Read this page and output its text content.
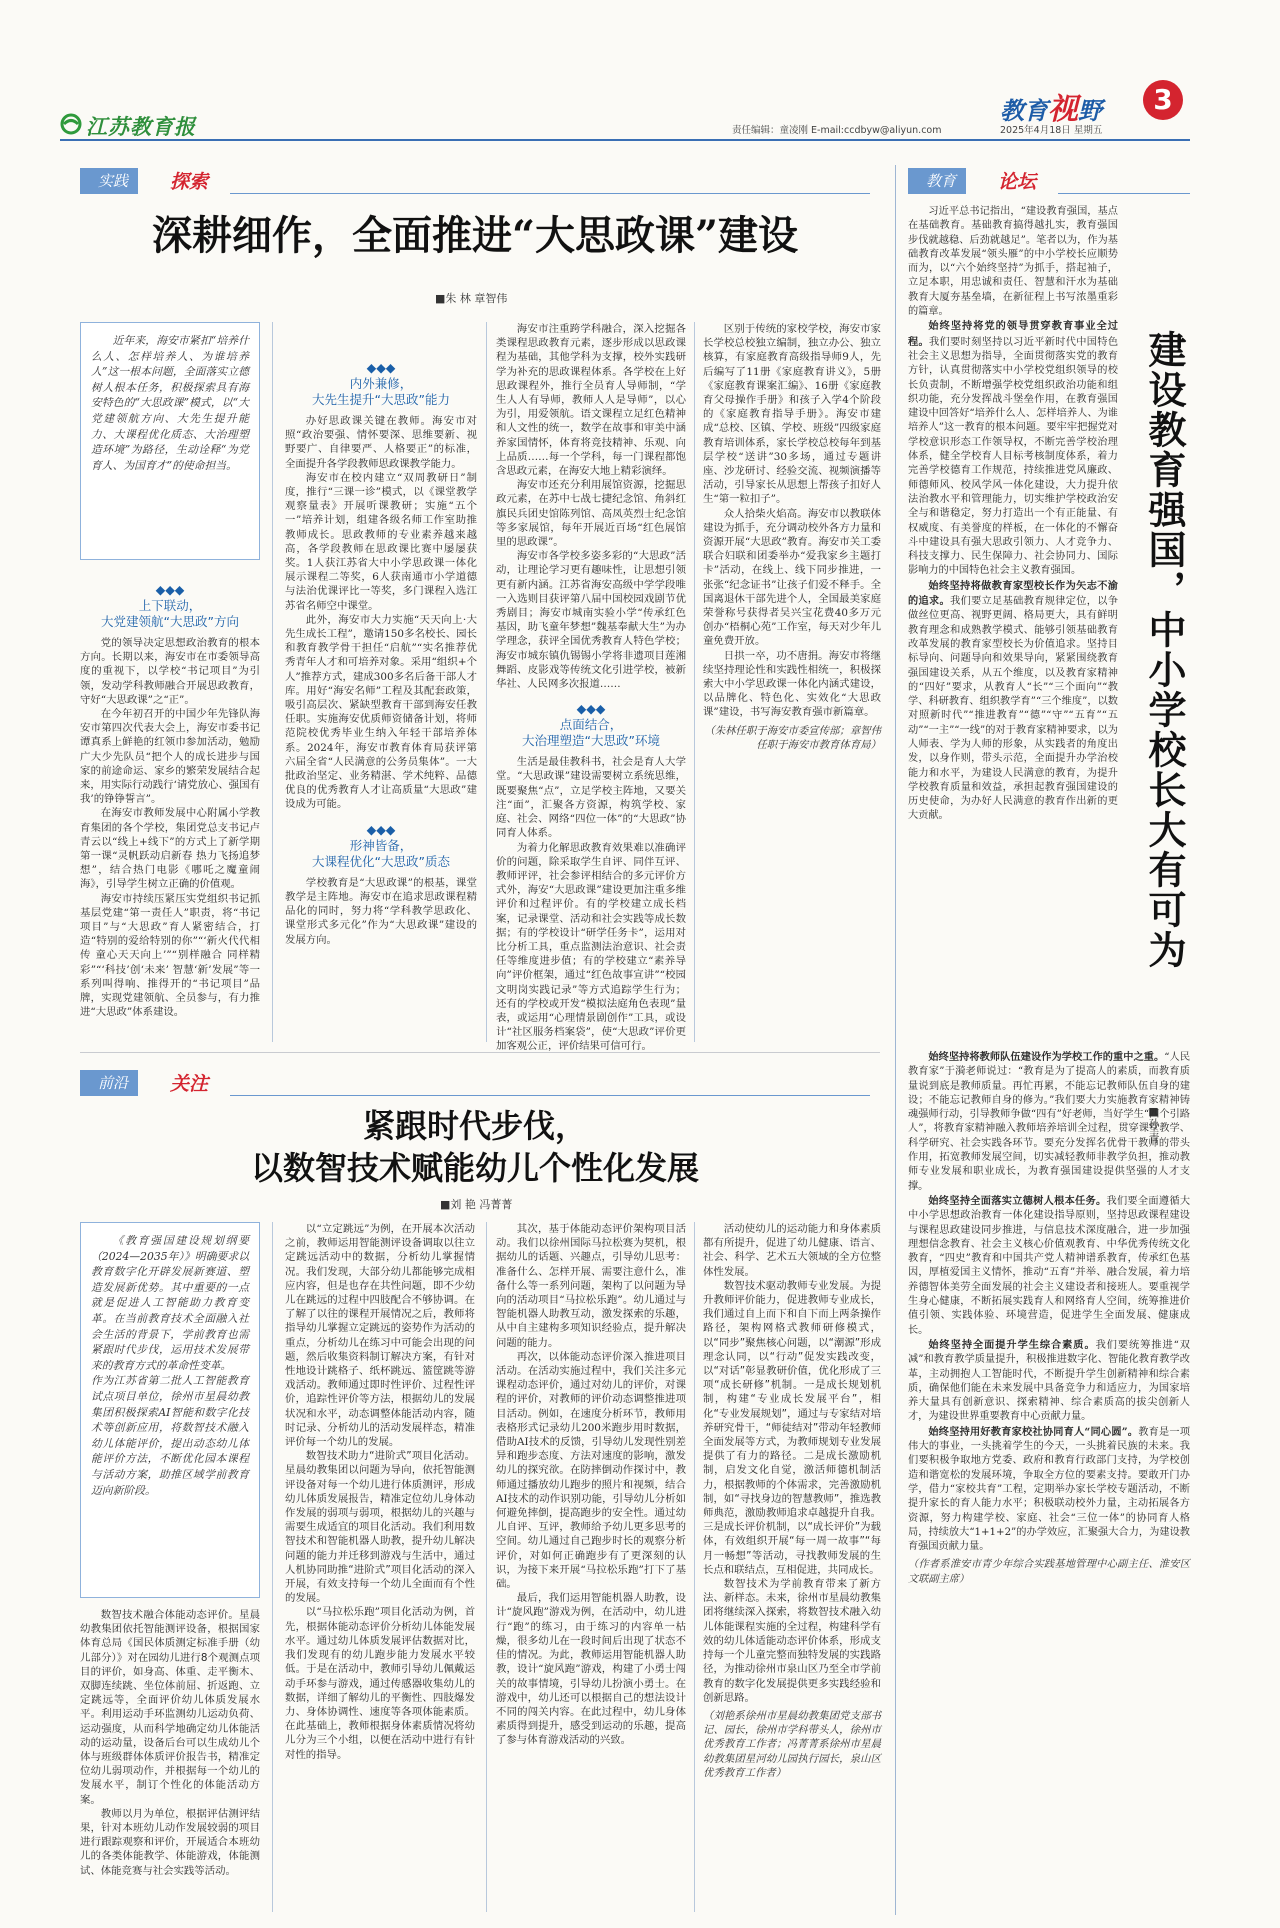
江苏教育报	责任编辑：童凌刚 E-mail:ccdbyw@aliyun.com	2025年4月18日 星期五
教育视野	3
实践	探索
深耕细作，全面推进“大思政课”建设
■朱 林 章智伟

近年来，海安市紧扣“培养什么人、怎样培养人、为谁培养人”这一根本问题，全面落实立德树人根本任务，积极探索具有海安特色的“大思政课”模式，以“大党建领航方向、大先生提升能力、大课程优化质态、大治理塑造环境”为路径，生动诠释“为党育人、为国育才”的使命担当。

◆◆◆
上下联动，
大党建领航“大思政”方向

党的领导决定思想政治教育的根本方向。长期以来，海安市在市委领导高度的重视下，以学校“书记项目”为引领，发动学科教师融合开展思政教育，守好“大思政课”之“正”。

在今年初召开的中国少年先锋队海安市第四次代表大会上，海安市委书记谭真系上鲜艳的红领巾参加活动，勉励广大少先队员“把个人的成长进步与国家的前途命运、家乡的繁荣发展结合起来，用实际行动践行‘请党放心、强国有我’的铮铮誓言”。

在海安市教师发展中心附属小学教育集团的各个学校，集团党总支书记卢青云以“线上+线下”的方式上了新学期第一课“灵帆跃动启新春 热力飞扬追梦想”，结合热门电影《哪吒之魔童闹海》，引导学生树立正确的价值观。

海安市持续压紧压实党组织书记抓基层党建“第一责任人”职责，将“书记项目”与“大思政”育人紧密结合，打造“特别的爱给特别的你”“‘新火代代相传 童心天天向上’”“别样融合 同样精彩”“‘科技’创‘未来’ 智慧‘新’发展”等一系列叫得响、推得开的“书记项目”品牌，实现党建领航、全员参与，有力推进“大思政”体系建设。

◆◆◆
内外兼修，
大先生提升“大思政”能力

办好思政课关键在教师。海安市对照“政治要强、情怀要深、思维要新、视野要广、自律要严、人格要正”的标准，全面提升各学段教师思政课教学能力。

海安市在校内建立“双周教研日”制度，推行“三课一诊”模式，以《课堂教学观察量表》开展听课教研；实施“五个一”培养计划，组建各级名师工作室助推教师成长。思政教师的专业素养越来越高，各学段教师在思政课比赛中屡屡获奖。1人获江苏省大中小学思政课一体化展示课程二等奖，6人获南通市小学道德与法治优课评比一等奖，多门课程入选江苏省名师空中课堂。

此外，海安市大力实施“天天向上·大先生成长工程”，邀请150多名校长、园长和教育教学骨干担任“启航”“实名推荐优秀青年人才和可培养对象。采用“组织+个人”推荐方式，建成300多名后备干部人才库。用好“海安名师”工程及其配套政策，吸引高层次、紧缺型教育干部到海安任教任职。实施海安优质师资储备计划，将师范院校优秀毕业生纳入年轻干部培养体系。2024年，海安市教育体育局获评第六届全省“人民满意的公务员集体”。一大批政治坚定、业务精湛、学术纯粹、品德优良的优秀教育人才让高质量“大思政”建设成为可能。

◆◆◆
形神皆备，
大课程优化“大思政”质态

学校教育是“大思政课”的根基，课堂教学是主阵地。海安市在追求思政课程精品化的同时，努力将“学科教学思政化、课堂形式多元化”作为“大思政课”建设的发展方向。

海安市注重跨学科融合，深入挖掘各类课程思政教育元素，逐步形成以思政课程为基础，其他学科为支撑，校外实践研学为补充的思政课程体系。各学校在上好思政课程外，推行全员育人导师制，“学生人人有导师，教师人人是导师”，以心为引，用爱领航。语文课程立足红色精神和人文性的统一，数学在故事和审美中涵养家国情怀，体育将竞技精神、乐观、向上品质……每一个学科，每一门课程都饱含思政元素，在海安大地上精彩演绎。

海安市还充分利用展馆资源，挖掘思政元素，在苏中七战七捷纪念馆、角斜红旗民兵团史馆陈列馆、高凤英烈士纪念馆等多家展馆，每年开展近百场“红色展馆里的思政课”。

海安市各学校多姿多彩的“大思政”活动，让理论学习更有趣味性，让思想引领更有新内涵。江苏省海安高级中学学段唯一入选则目获评第八届中国校园戏剧节优秀剧目；海安市城南实验小学“传承红色基因，助飞童年梦想”魏基奉献大生”为办学理念，获评全国优秀教育人特色学校；海安市城东镇仇锡锡小学将非遗项目莲湘舞蹈、皮影戏等传统文化引进学校，被新华社、人民网多次报道……

◆◆◆
点面结合，
大治理塑造“大思政”环境

生活是最佳教科书，社会是育人大学堂。“大思政课”建设需要树立系统思维，既要聚焦“点”，立足学校主阵地，又要关注“面”，汇聚各方资源，构筑学校、家庭、社会、网络“四位一体”的“大思政”协同育人体系。

为着力化解思政教育效果难以准确评价的问题，除采取学生自评、同伴互评、教师评评，社会参评相结合的多元评价方式外，海安“大思政课”建设更加注重多维评价和过程评价。有的学校建立成长档案，记录课堂、活动和社会实践等成长数据；有的学校设计“研学任务卡”，运用对比分析工具，重点监测法治意识、社会责任等维度进步值；有的学校建立“素养导向”评价框架，通过“红色故事宣讲”“校园文明岗实践记录”等方式追踪学生行为；还有的学校或开发“模拟法庭角色表现”量表，或运用“心理情景剧创作”工具，或设计“社区服务档案袋”，使“大思政”评价更加客观公正，评价结果可信可行。

区别于传统的家校学校，海安市家长学校总校独立编制，独立办公、独立核算，有家庭教育高级指导师9人，先后编写了11册《家庭教育讲义》，5册《家庭教育课案汇编》、16册《家庭教育父母操作手册》和孩子入学4个阶段的《家庭教育指导手册》。海安市建成“总校、区镇、学校、班级”四级家庭教育培训体系，家长学校总校每年到基层学校“送讲”30多场，通过专题讲座、沙龙研讨、经验交流、视频演播等活动，引导家长从思想上帮孩子扣好人生“第一粒扣子”。

众人拾柴火焰高。海安市以教联体建设为抓手，充分调动校外各方力量和资源开展“大思政”教育。海安市关工委联合妇联和团委举办“爱我家乡主题打卡”活动，在线上、线下同步推进，一张张“纪念证书”让孩子们爱不释手。全国离退休干部先进个人，全国最美家庭荣誉称号获得者吴兴宝花费40多万元创办“梧桐心苑”工作室，每天对少年儿童免费开放。

日拱一卒，功不唐捐。海安市将继续坚持理论性和实践性相统一，积极探索大中小学思政课一体化内涵式建设，以品牌化、特色化、实效化“大思政课”建设，书写海安教育强市新篇章。

（朱林任职于海安市委宣传部；章智伟任职于海安市教育体育局）

前沿	关注
紧跟时代步伐，
以数智技术赋能幼儿个性化发展
■刘 艳 冯菁菁
《教育强国建设规划纲要（2024—2035年）》明确要求以教育数字化开辟发展新赛道、塑造发展新优势。其中重要的一点就是促进人工智能助力教育变革。在当前教育技术全面融入社会生活的背景下，学前教育也需紧跟时代步伐，运用技术发展带来的教育方式的革命性变革。
作为江苏省第二批人工智能教育试点项目单位，徐州市星晨幼教集团积极探索AI智能和数字化技术等创新应用，将数智技术融入幼儿体能评价，提出动态幼儿体能评价方法，不断优化园本课程与活动方案，助推区域学前教育迈向新阶段。

数智技术融合体能动态评价。星晨幼教集团依托智能测评设备，根据国家体育总局《国民体质测定标准手册（幼儿部分）》对在园幼儿进行8个观测点项目的评价，如身高、体重、走平衡木、双脚连续跳、坐位体前屈、折返跑、立定跳远等，全面评价幼儿体质发展水平。利用运动手环监测幼儿运动负荷、运动强度，从而科学地确定幼儿体能活动的运动量，设备后台可以生成幼儿个体与班级群体体质评价报告书，精准定位幼儿弱项动作，并根据每一个幼儿的发展水平，制订个性化的体能活动方案。

教师以月为单位，根据评估测评结果，针对本班幼儿动作发展较弱的项目进行跟踪观察和评价，开展适合本班幼儿的各类体能教学、体能游戏，体能测试、体能竞赛与社会实践等活动。

以“立定跳远”为例，在开展本次活动之前，教师运用智能测评设备调取以往立定跳远活动中的数据，分析幼儿掌握情况。我们发现，大部分幼儿都能够完成相应内容，但是也存在共性问题，即不少幼儿在跳远的过程中四肢配合不够协调。在了解了以往的课程开展情况之后，教师将指导幼儿掌握立定跳远的姿势作为活动的重点，分析幼儿在练习中可能会出现的问题，然后收集资料制订解决方案，有针对性地设计跳格子、纸杯跳远、篮筐跳等游戏活动。教师通过即时性评价、过程性评价，追踪性评价等方法，根据幼儿的发展状况和水平，动态调整体能活动内容，随时记录、分析幼儿的活动发展样态，精准评价每一个幼儿的发展。

数智技术助力“进阶式”项目化活动。星晨幼教集团以问题为导向，依托智能测评设备对每一个幼儿进行体质测评，形成幼儿体质发展报告，精准定位幼儿身体动作发展的弱项与弱项，根据幼儿的兴趣与需要生成适宜的项目化活动。我们利用数智技术和智能机器人助教，提升幼儿解决问题的能力并迁移到游戏与生活中，通过人机协同助推“进阶式”项目化活动的深入开展，有效支持每一个幼儿全面而有个性的发展。

以“马拉松乐跑”项目化活动为例，首先，根据体能动态评价分析幼儿体能发展水平。通过幼儿体质发展评估数据对比，我们发现有的幼儿跑步能力发展水平较低。于是在活动中，教师引导幼儿佩戴运动手环参与游戏，通过传感器收集幼儿的数据，详细了解幼儿的平衡性、四肢爆发力、身体协调性、速度等各项体能素质。在此基础上，教师根据身体素质情况将幼儿分为三个小组，以便在活动中进行有针对性的指导。

其次，基于体能动态评价架构项目活动。我们以徐州国际马拉松赛为契机，根据幼儿的话题、兴趣点，引导幼儿思考：准备什么、怎样开展、需要注意什么，准备什么等一系列问题，架构了以问题为导向的活动项目“马拉松乐跑”。幼儿通过与智能机器人助教互动，激发探索的乐趣，从中自主建构多项知识经验点，提升解决问题的能力。

再次，以体能动态评价深入推进项目活动。在活动实施过程中，我们关注多元课程动态评价，通过对幼儿的评价，对课程的评价，对教师的评价动态调整推进项目活动。例如，在速度分析环节，教师用表格形式记录幼儿200米跑步用时数据，借助AI技术的反馈，引导幼儿发现性别差异和跑步态度、方法对速度的影响，激发幼儿的探究欲。在防摔倒动作探讨中，教师通过播放幼儿跑步的照片和视频，结合AI技术的动作识别功能，引导幼儿分析如何避免摔倒，提高跑步的安全性。通过幼儿自评、互评，教师给予幼儿更多思考的空间。幼儿通过自己跑步时长的观察分析评价，对如何正确跑步有了更深刻的认识，为接下来开展“马拉松乐跑”打下了基础。

最后，我们运用智能机器人助教，设计“旋风跑”游戏为例，在活动中，幼儿进行“跑”的练习，由于练习的内容单一枯燥，很多幼儿在一段时间后出现了状态不佳的情况。为此，教师运用智能机器人助教，设计“旋风跑”游戏，构建了小勇士闯关的故事情境，引导幼儿扮演小勇士。在游戏中，幼儿还可以根据自己的想法设计不同的闯关内容。在此过程中，幼儿身体素质得到提升，感受到运动的乐趣，提高了参与体育游戏活动的兴致。

活动使幼儿的运动能力和身体素质都有所提升，促进了幼儿健康、语言、社会、科学、艺术五大领域的全方位整体性发展。

数智技术驱动教师专业发展。为提升教师评价能力，促进教师专业成长，我们通过自上而下和自下而上两条操作路径，架构网格式教师研修模式，以“同步”聚焦核心问题，以“潮源”形成理念认同，以“行动”促发实践改变，以“对话”彰显教研价值，优化形成了三项“成长研修”机制。一是成长规划机制，构建“专业成长发展平台”，相化“专业发展规划”，通过与专家结对培养研究骨干，“师徒结对”带动年轻教师全面发展等方式，为教师规划专业发展提供了有力的路径。二是成长激励机制，启发文化自觉，激活师德机制活力，根据教师的个体需求，完善激励机制，如“寻找身边的智慧教师”，推选教师典范，激励教师追求卓越提升自我。三是成长评价机制，以“成长评价”为载体，有效组织开展“每一周一故事”“每月一畅想”等活动，寻找教师发展的生长点和联结点，互相促进，共同成长。

数智技术为学前教育带来了新方法、新样态。未来，徐州市星晨幼教集团将继续深入探索，将数智技术融入幼儿体能课程实施的全过程，构建科学有效的幼儿体适能动态评价体系，形成支持每一个儿童完整而独特发展的实践路径，为推动徐州市泉山区乃至全市学前教育的数字化发展提供更多实践经验和创新思路。

（刘艳系徐州市星晨幼教集团党支部书记、园长，徐州市学科带头人，徐州市优秀教育工作者；冯菁菁系徐州市星晨幼教集团星河幼儿园执行园长，泉山区优秀教育工作者）

教育	论坛
建设教育强国，中小学校长大有可为
■孙 青

习近平总书记指出，“建设教育强国，基点在基础教育。基础教育搞得越扎实，教育强国步伐就越稳、后劲就越足”。笔者以为，作为基础教育改革发展“领头雁”的中小学校长应顺势而为，以“六个始终坚持”为抓手，搭起袖子，立足本职，用忠诚和责任、智慧和汗水为基础教育大厦夯基垒墙，在新征程上书写浓墨重彩的篇章。

始终坚持将党的领导贯穿教育事业全过程。我们要时刻坚持以习近平新时代中国特色社会主义思想为指导，全面贯彻落实党的教育方针，认真贯彻落实中小学校党组织领导的校长负责制，不断增强学校党组织政治功能和组织功能，充分发挥战斗堡垒作用，在教育强国建设中回答好“培养什么人、怎样培养人、为谁培养人”这一教育的根本问题。要牢牢把握党对学校意识形态工作领导权，不断完善学校治理体系，健全学校育人目标考核制度体系，着力完善学校德育工作规范，持续推进党风廉政、师德师风、校风学风一体化建设，大力提升依法治教水平和管理能力，切实维护学校政治安全与和谐稳定，努力打造出一个有正能量、有权威度、有美誉度的样板，在一体化的不懈奋斗中建设具有强大思政引领力、人才竞争力、科技支撑力、民生保障力、社会协同力、国际影响力的中国特色社会主义教育强国。

始终坚持将做教育家型校长作为矢志不渝的追求。我们要立足基础教育规律定位，以争做丝位更高、视野更阔、格局更大，具有鲜明教育理念和成熟教学模式、能够引领基础教育改革发展的教育家型校长为价值追求。坚持目标导向、问题导向和效果导向，紧紧围绕教育强国建设关系，从五个维度，以及教育家精神的“四好”要求，从教育人“长”“三个面向”“教学、科研教育、组织教学育”“三个维度”，以数对照新时代”“推进教育”“德”“守”“五育”“五动”“一主”“一线”的对于教育家精神要求，以为人师表、学为人师的形象，从实践者的角度出发，以身作则，带头示范，全面提升办学治校能力和水平，为建设人民满意的教育，为提升学校教育质量和效益，承担起教育强国建设的历史使命，为办好人民满意的教育作出新的更大贡献。

始终坚持将教师队伍建设作为学校工作的重中之重。“人民教育家”于漪老师说过：“教育是为了提高人的素质，而教育质量说到底是教师质量。再忙再累，不能忘记教师队伍自身的建设；不能忘记教师自身的修为。”我们要大力实施教育家精神铸魂强师行动，引导教师争做“四有”好老师，当好学生“四个引路人”，将教育家精神融入教师培养培训全过程，贯穿课堂教学、科学研究、社会实践各环节。要充分发挥名优骨干教师的带头作用，拓宽教师发展空间，切实减轻教师非教学负担，推动教师专业发展和职业成长，为教育强国建设提供坚强的人才支撑。

始终坚持全面落实立德树人根本任务。我们要全面遵循大中小学思想政治教育一体化建设指导原则，坚持思政课程建设与课程思政建设同步推进，与信息技术深度融合，进一步加强理想信念教育、社会主义核心价值观教育、中华优秀传统文化教育，“四史”教育和中国共产党人精神谱系教育，传承红色基因，厚植爱国主义情怀，推动“五育”并举、融合发展，着力培养德智体美劳全面发展的社会主义建设者和接班人。要重视学生身心健康，不断拓展实践育人和网络育人空间，统筹推进价值引领、实践体验、环境营造，促进学生全面发展、健康成长。

始终坚持全面提升学生综合素质。我们要统筹推进“双减”和教育教学质量提升，积极推进数字化、智能化教育教学改革，主动拥抱人工智能时代，不断提升学生创新精神和综合素质，确保他们能在未来发展中具备竞争力和适应力，为国家培养大量具有创新意识、探索精神、综合素质高的拔尖创新人才，为建设世界重要教育中心贡献力量。

始终坚持用好教育家校社协同育人“同心圆”。教育是一项伟大的事业，一头挑着学生的今天，一头挑着民族的未来。我们要积极争取地方党委、政府和教育行政部门支持，为学校创造和谐宽松的发展环境，争取全方位的要素支持。要敢开门办学，借力“家校共育”工程，定期举办家长学校专题活动，不断提升家长的育人能力水平；积极联动校外力量，主动拓展各方资源，努力构建学校、家庭、社会“三位一体”的协同育人格局，持续放大“1+1+2”的办学效应，汇聚强大合力，为建设教育强国贡献力量。

（作者系淮安市青少年综合实践基地管理中心副主任、淮安区文联副主席）
